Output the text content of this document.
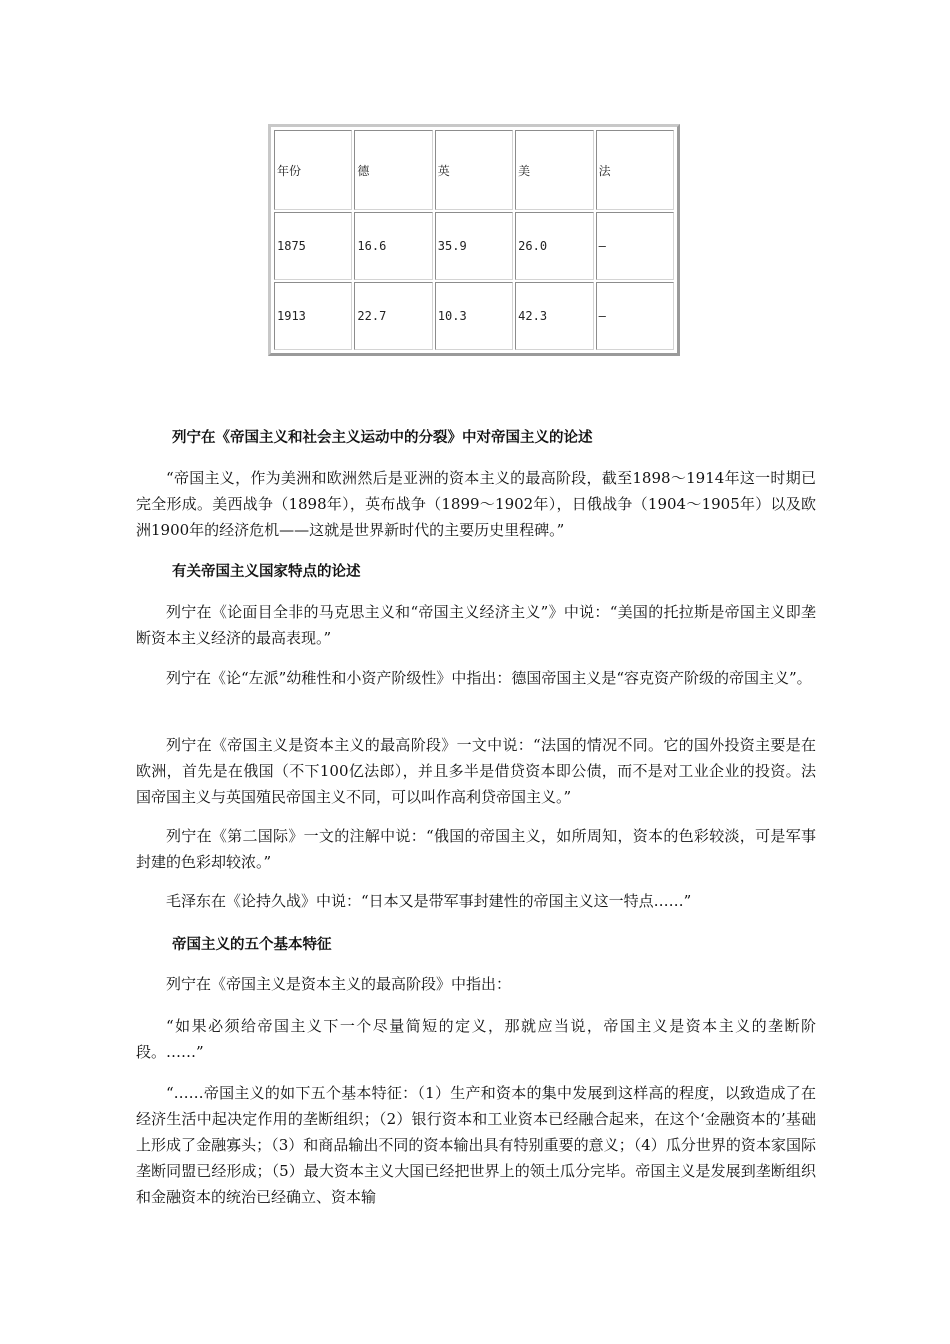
年份	德	英	美	法
1875	16.6	35.9	26.0	—
1913	22.7	10.3	42.3	—
列宁在《帝国主义和社会主义运动中的分裂》中对帝国主义的论述

“帝国主义，作为美洲和欧洲然后是亚洲的资本主义的最高阶段，截至1898～1914年这一时期已完全形成。美西战争（1898年），英布战争（1899～1902年），日俄战争（1904～1905年）以及欧洲1900年的经济危机——这就是世界新时代的主要历史里程碑。”

有关帝国主义国家特点的论述

列宁在《论面目全非的马克思主义和“帝国主义经济主义”》中说：“美国的托拉斯是帝国主义即垄断资本主义经济的最高表现。”

列宁在《论“左派”幼稚性和小资产阶级性》中指出：德国帝国主义是“容克资产阶级的帝国主义”。

列宁在《帝国主义是资本主义的最高阶段》一文中说：“法国的情况不同。它的国外投资主要是在欧洲，首先是在俄国（不下100亿法郎），并且多半是借贷资本即公债，而不是对工业企业的投资。法国帝国主义与英国殖民帝国主义不同，可以叫作高利贷帝国主义。”

列宁在《第二国际》一文的注解中说：“俄国的帝国主义，如所周知，资本的色彩较淡，可是军事封建的色彩却较浓。”

毛泽东在《论持久战》中说：“日本又是带军事封建性的帝国主义这一特点……”

帝国主义的五个基本特征

列宁在《帝国主义是资本主义的最高阶段》中指出：

“如果必须给帝国主义下一个尽量简短的定义，那就应当说，帝国主义是资本主义的垄断阶段。……”

“……帝国主义的如下五个基本特征：（1）生产和资本的集中发展到这样高的程度，以致造成了在经济生活中起决定作用的垄断组织；（2）银行资本和工业资本已经融合起来，在这个‘金融资本的’基础上形成了金融寡头；（3）和商品输出不同的资本输出具有特别重要的意义；（4）瓜分世界的资本家国际垄断同盟已经形成；（5）最大资本主义大国已经把世界上的领土瓜分完毕。帝国主义是发展到垄断组织和金融资本的统治已经确立、资本输
